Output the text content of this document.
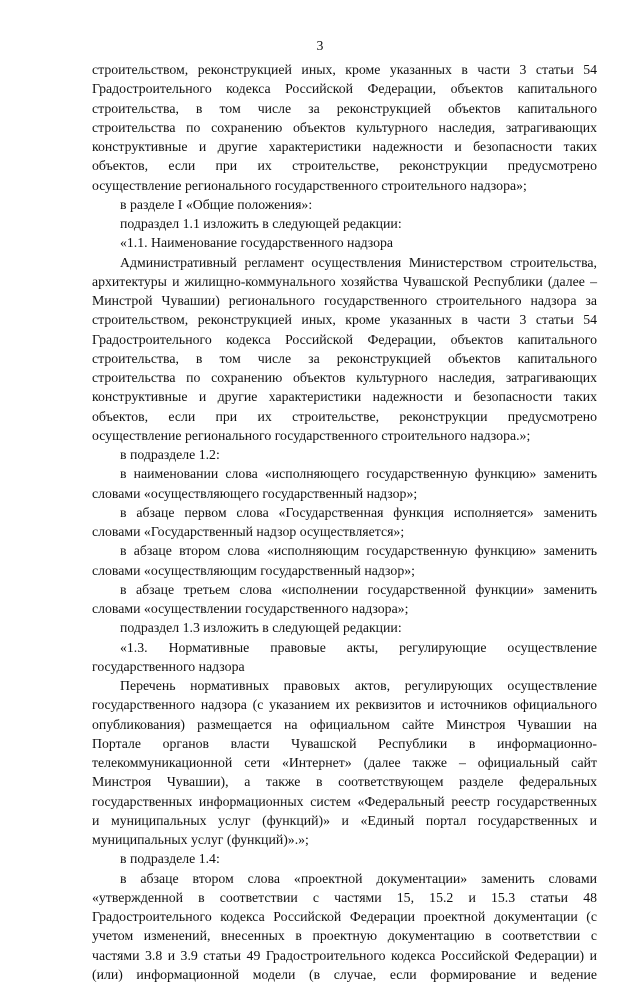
3
строительством, реконструкцией иных, кроме указанных в части 3 статьи 54
Градостроительного кодекса Российской Федерации, объектов капитального
строительства, в том числе за реконструкцией объектов капитального
строительства по сохранению объектов культурного наследия, затрагивающих
конструктивные и другие характеристики надежности и безопасности таких
объектов, если при их строительстве, реконструкции предусмотрено
осуществление регионального государственного строительного надзора»;
в разделе I «Общие положения»:
подраздел 1.1 изложить в следующей редакции:
«1.1. Наименование государственного надзора
Административный регламент осуществления Министерством строительства,
архитектуры и жилищно-коммунального хозяйства Чувашской Республики (далее –
Минстрой Чувашии) регионального государственного строительного надзора за
строительством, реконструкцией иных, кроме указанных в части 3 статьи 54
Градостроительного кодекса Российской Федерации, объектов капитального
строительства, в том числе за реконструкцией объектов капитального
строительства по сохранению объектов культурного наследия, затрагивающих
конструктивные и другие характеристики надежности и безопасности таких
объектов, если при их строительстве, реконструкции предусмотрено
осуществление регионального государственного строительного надзора.»;
в подразделе 1.2:
в наименовании слова «исполняющего государственную функцию» заменить
словами «осуществляющего государственный надзор»;
в абзаце первом слова «Государственная функция исполняется» заменить
словами «Государственный надзор осуществляется»;
в абзаце втором слова «исполняющим государственную функцию» заменить
словами «осуществляющим государственный надзор»;
в абзаце третьем слова «исполнении государственной функции» заменить
словами «осуществлении государственного надзора»;
подраздел 1.3 изложить в следующей редакции:
«1.3. Нормативные правовые акты, регулирующие осуществление
государственного надзора
Перечень нормативных правовых актов, регулирующих осуществление
государственного надзора (с указанием их реквизитов и источников официального
опубликования) размещается на официальном сайте Минстроя Чувашии на
Портале органов власти Чувашской Республики в информационно-
телекоммуникационной сети «Интернет» (далее также – официальный сайт
Минстроя Чувашии), а также в соответствующем разделе федеральных
государственных информационных систем «Федеральный реестр государственных
и муниципальных услуг (функций)» и «Единый портал государственных и
муниципальных услуг (функций)».»;
в подразделе 1.4:
в абзаце втором слова «проектной документации» заменить словами
«утвержденной в соответствии с частями 15, 15.2 и 15.3 статьи 48
Градостроительного кодекса Российской Федерации проектной документации (с
учетом изменений, внесенных в проектную документацию в соответствии с
частями 3.8 и 3.9 статьи 49 Градостроительного кодекса Российской Федерации) и
(или) информационной модели (в случае, если формирование и ведение
